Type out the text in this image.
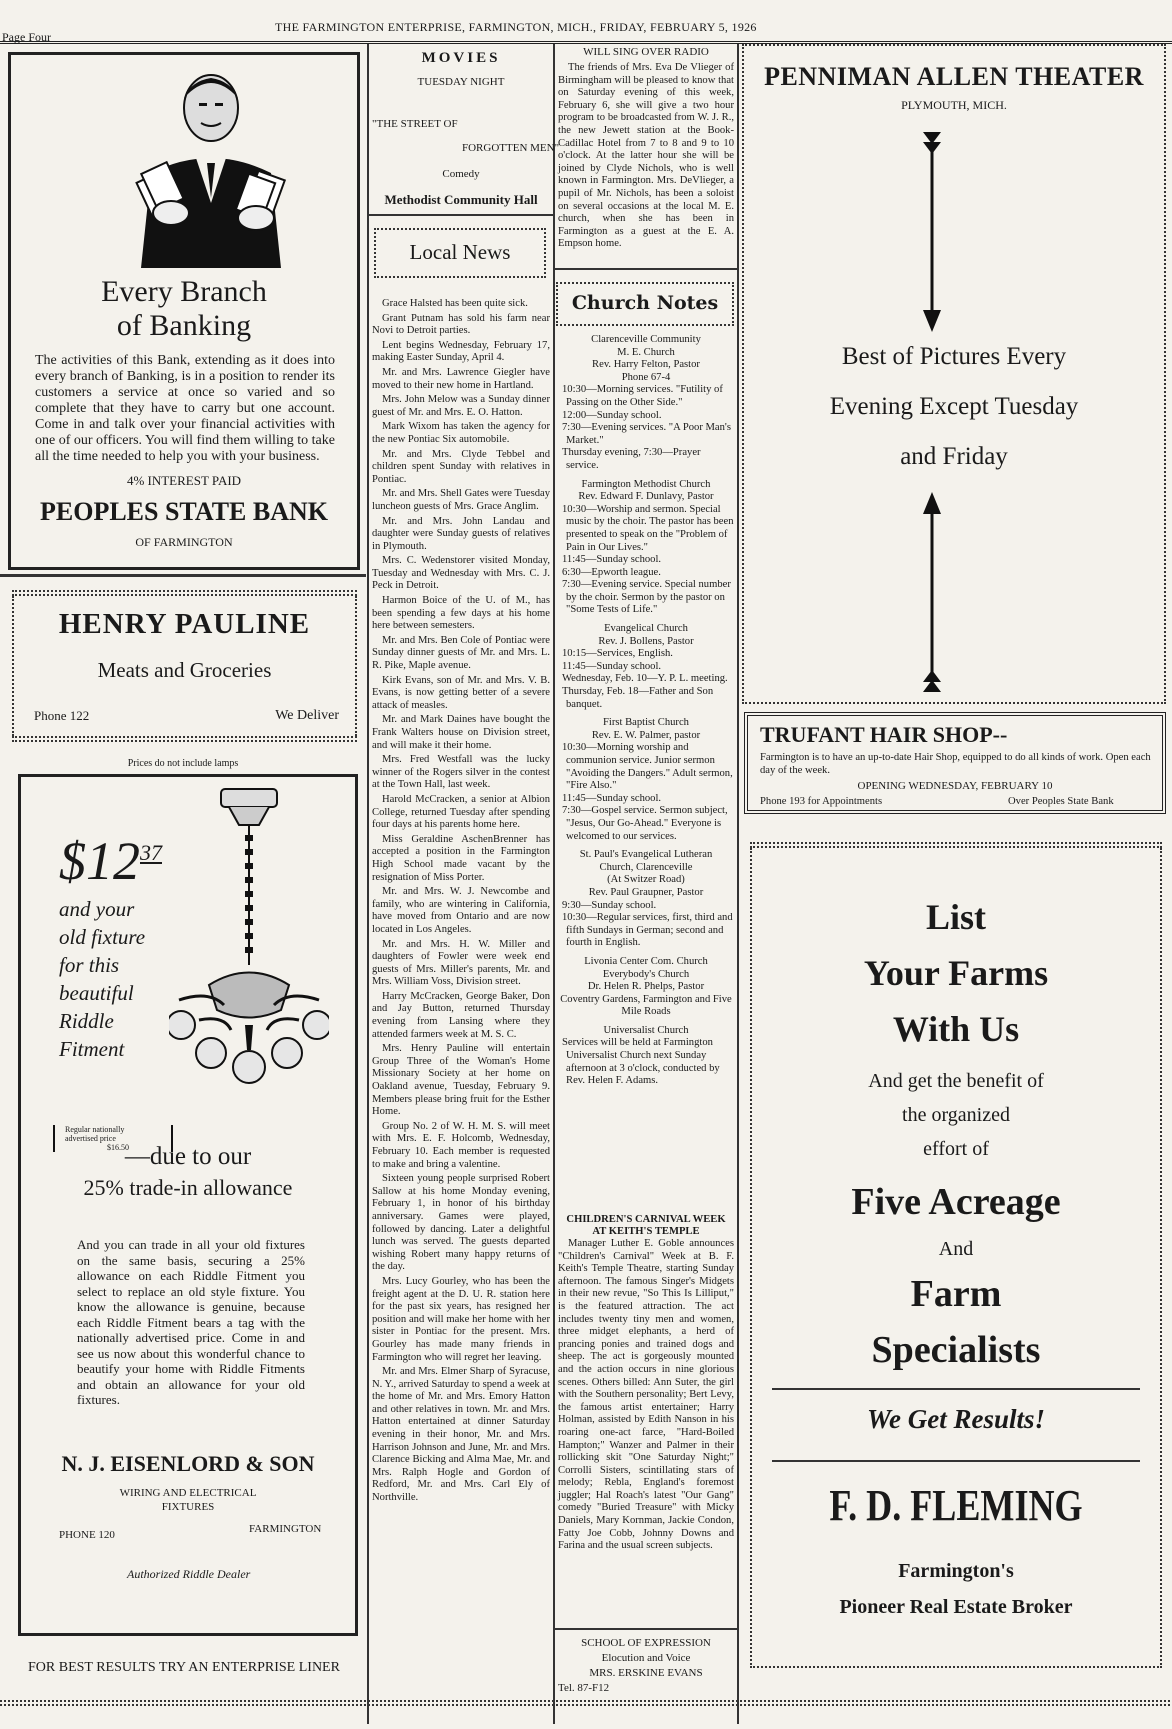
Page Four
THE FARMINGTON ENTERPRISE, FARMINGTON, MICH., FRIDAY, FEBRUARY 5, 1926
Every Branch
of Banking
The activities of this Bank, extending as it does into every branch of Banking, is in a position to render its customers a service at once so varied and so complete that they have to carry but one account. Come in and talk over your financial activities with one of our officers. You will find them willing to take all the time needed to help you with your business.
4% INTEREST PAID
PEOPLES STATE BANK
OF FARMINGTON
HENRY PAULINE
Meats and Groceries
Phone 122	We Deliver
Prices do not include lamps
$\$12^{37}$
and your
old fixture
for this
beautiful
Riddle
Fitment
Regular nationally
advertised price
$16.50
—due to our
25% trade-in allowance
And you can trade in all your old fixtures on the same basis, securing a 25% allowance on each Riddle Fitment you select to replace an old style fixture. You know the allowance is genuine, because each Riddle Fitment bears a tag with the nationally advertised price. Come in and see us now about this wonderful chance to beautify your home with Riddle Fitments and obtain an allowance for your old fixtures.
N. J. EISENLORD & SON
WIRING AND ELECTRICAL
FIXTURES
PHONE 120	FARMINGTON
Authorized Riddle Dealer
FOR BEST RESULTS TRY AN ENTERPRISE LINER
MOVIES
TUESDAY NIGHT
"THE STREET OF
FORGOTTEN MEN"
Comedy
Methodist Community Hall
Local News

Grace Halsted has been quite sick.

Grant Putnam has sold his farm near Novi to Detroit parties.

Lent begins Wednesday, February 17, making Easter Sunday, April 4.

Mr. and Mrs. Lawrence Giegler have moved to their new home in Hartland.

Mrs. John Melow was a Sunday dinner guest of Mr. and Mrs. E. O. Hatton.

Mark Wixom has taken the agency for the new Pontiac Six automobile.

Mr. and Mrs. Clyde Tebbel and children spent Sunday with relatives in Pontiac.

Mr. and Mrs. Shell Gates were Tuesday luncheon guests of Mrs. Grace Anglim.

Mr. and Mrs. John Landau and daughter were Sunday guests of relatives in Plymouth.

Mrs. C. Wedenstorer visited Monday, Tuesday and Wednesday with Mrs. C. J. Peck in Detroit.

Harmon Boice of the U. of M., has been spending a few days at his home here between semesters.

Mr. and Mrs. Ben Cole of Pontiac were Sunday dinner guests of Mr. and Mrs. L. R. Pike, Maple avenue.

Kirk Evans, son of Mr. and Mrs. V. B. Evans, is now getting better of a severe attack of measles.

Mr. and Mark Daines have bought the Frank Walters house on Division street, and will make it their home.

Mrs. Fred Westfall was the lucky winner of the Rogers silver in the contest at the Town Hall, last week.

Harold McCracken, a senior at Albion College, returned Tuesday after spending four days at his parents home here.

Miss Geraldine AschenBrenner has accepted a position in the Farmington High School made vacant by the resignation of Miss Porter.

Mr. and Mrs. W. J. Newcombe and family, who are wintering in California, have moved from Ontario and are now located in Los Angeles.

Mr. and Mrs. H. W. Miller and daughters of Fowler were week end guests of Mrs. Miller's parents, Mr. and Mrs. William Voss, Division street.

Harry McCracken, George Baker, Don and Jay Button, returned Thursday evening from Lansing where they attended farmers week at M. S. C.

Mrs. Henry Pauline will entertain Group Three of the Woman's Home Missionary Society at her home on Oakland avenue, Tuesday, February 9. Members please bring fruit for the Esther Home.

Group No. 2 of W. H. M. S. will meet with Mrs. E. F. Holcomb, Wednesday, February 10. Each member is requested to make and bring a valentine.

Sixteen young people surprised Robert Sallow at his home Monday evening, February 1, in honor of his birthday anniversary. Games were played, followed by dancing. Later a delightful lunch was served. The guests departed wishing Robert many happy returns of the day.

Mrs. Lucy Gourley, who has been the freight agent at the D. U. R. station here for the past six years, has resigned her position and will make her home with her sister in Pontiac for the present. Mrs. Gourley has made many friends in Farmington who will regret her leaving.

Mr. and Mrs. Elmer Sharp of Syracuse, N. Y., arrived Saturday to spend a week at the home of Mr. and Mrs. Emory Hatton and other relatives in town. Mr. and Mrs. Hatton entertained at dinner Saturday evening in their honor, Mr. and Mrs. Harrison Johnson and June, Mr. and Mrs. Clarence Bicking and Alma Mae, Mr. and Mrs. Ralph Hogle and Gordon of Redford, Mr. and Mrs. Carl Ely of Northville.

WILL SING OVER RADIO

The friends of Mrs. Eva De Vlieger of Birmingham will be pleased to know that on Saturday evening of this week, February 6, she will give a two hour program to be broadcasted from W. J. R., the new Jewett station at the Book-Cadillac Hotel from 7 to 8 and 9 to 10 o'clock. At the latter hour she will be joined by Clyde Nichols, who is well known in Farmington. Mrs. DeVlieger, a pupil of Mr. Nichols, has been a soloist on several occasions at the local M. E. church, when she has been in Farmington as a guest at the E. A. Empson home.

Church Notes
Clarenceville Community
M. E. Church
Rev. Harry Felton, Pastor
Phone 67-4
10:30—Morning services. "Futility of Passing on the Other Side."
12:00—Sunday school.
7:30—Evening services. "A Poor Man's Market."
Thursday evening, 7:30—Prayer service.
Farmington Methodist Church
Rev. Edward F. Dunlavy, Pastor
10:30—Worship and sermon. Special music by the choir. The pastor has been presented to speak on the "Problem of Pain in Our Lives."
11:45—Sunday school.
6:30—Epworth league.
7:30—Evening service. Special number by the choir. Sermon by the pastor on "Some Tests of Life."
Evangelical Church
Rev. J. Bollens, Pastor
10:15—Services, English.
11:45—Sunday school.
Wednesday, Feb. 10—Y. P. L. meeting.
Thursday, Feb. 18—Father and Son banquet.
First Baptist Church
Rev. E. W. Palmer, pastor
10:30—Morning worship and communion service. Junior sermon "Avoiding the Dangers." Adult sermon, "Fire Also."
11:45—Sunday school.
7:30—Gospel service. Sermon subject, "Jesus, Our Go-Ahead." Everyone is welcomed to our services.
St. Paul's Evangelical Lutheran
Church, Clarenceville
(At Switzer Road)
Rev. Paul Graupner, Pastor
9:30—Sunday school.
10:30—Regular services, first, third and fifth Sundays in German; second and fourth in English.
Livonia Center Com. Church
Everybody's Church
Dr. Helen R. Phelps, Pastor
Coventry Gardens, Farmington and Five Mile Roads
Universalist Church
Services will be held at Farmington Universalist Church next Sunday afternoon at 3 o'clock, conducted by Rev. Helen F. Adams.
CHILDREN'S CARNIVAL WEEK
AT KEITH'S TEMPLE
Manager Luther E. Goble announces "Children's Carnival" Week at B. F. Keith's Temple Theatre, starting Sunday afternoon. The famous Singer's Midgets in their new revue, "So This Is Lilliput," is the featured attraction. The act includes twenty tiny men and women, three midget elephants, a herd of prancing ponies and trained dogs and sheep. The act is gorgeously mounted and the action occurs in nine glorious scenes. Others billed: Ann Suter, the girl with the Southern personality; Bert Levy, the famous artist entertainer; Harry Holman, assisted by Edith Nanson in his roaring one-act farce, "Hard-Boiled Hampton;" Wanzer and Palmer in their rollicking skit "One Saturday Night;" Corrolli Sisters, scintillating stars of melody; Rebla, England's foremost juggler; Hal Roach's latest "Our Gang" comedy "Buried Treasure" with Micky Daniels, Mary Kornman, Jackie Condon, Fatty Joe Cobb, Johnny Downs and Farina and the usual screen subjects.
SCHOOL OF EXPRESSION
Elocution and Voice
MRS. ERSKINE EVANS
Tel. 87-F12
PENNIMAN ALLEN THEATER
PLYMOUTH, MICH.
Best of Pictures Every
Evening Except Tuesday
and Friday
TRUFANT HAIR SHOP--
Farmington is to have an up-to-date Hair Shop, equipped to do all kinds of work. Open each day of the week.
OPENING WEDNESDAY, FEBRUARY 10
Phone 193 for Appointments	Over Peoples State Bank
List
Your Farms
With Us
And get the benefit of
the organized
effort of
Five Acreage
And
Farm
Specialists
We Get Results!
F. D. FLEMING
Farmington's
Pioneer Real Estate Broker
